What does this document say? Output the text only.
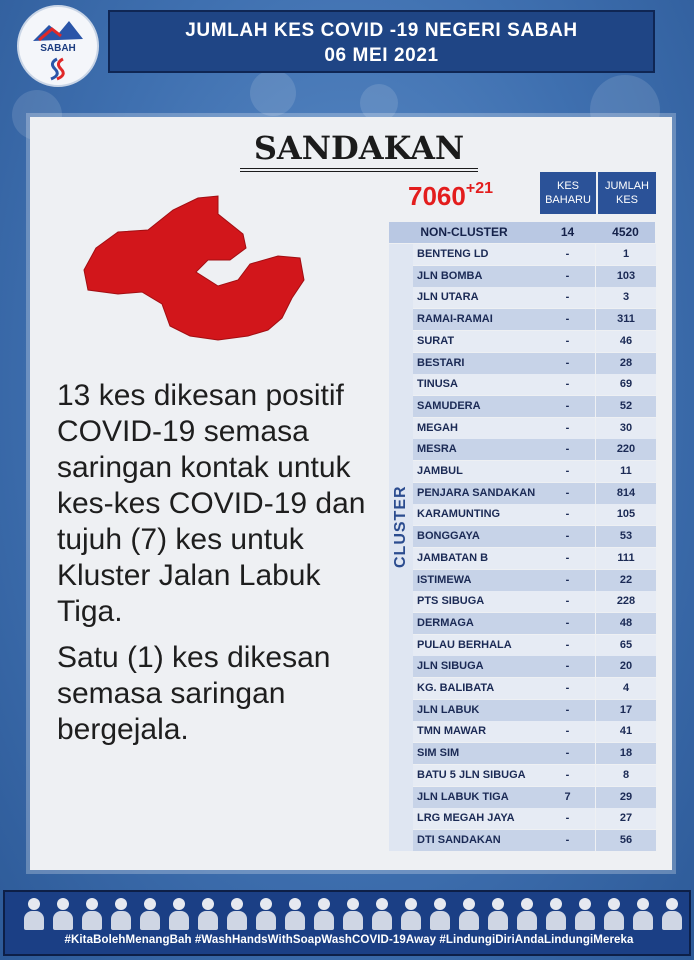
SABAH
JUMLAH KES COVID -19 NEGERI SABAH
06 MEI 2021
SANDAKAN
$7060^{+21}$	KES BAHARU
JUMLAH KES
NON-CLUSTER	14	4520
CLUSTER
BENTENG LD	-	1
JLN BOMBA	-	103
JLN UTARA	-	3
RAMAI-RAMAI	-	311
SURAT	-	46
BESTARI	-	28
TINUSA	-	69
SAMUDERA	-	52
MEGAH	-	30
MESRA	-	220
JAMBUL	-	11
PENJARA SANDAKAN	-	814
KARAMUNTING	-	105
BONGGAYA	-	53
JAMBATAN B	-	111
ISTIMEWA	-	22
PTS SIBUGA	-	228
DERMAGA	-	48
PULAU BERHALA	-	65
JLN SIBUGA	-	20
KG. BALIBATA	-	4
JLN LABUK	-	17
TMN MAWAR	-	41
SIM SIM	-	18
BATU 5 JLN SIBUGA	-	8
JLN LABUK TIGA	7	29
LRG MEGAH JAYA	-	27
DTI SANDAKAN	-	56

13 kes dikesan positif COVID-19 semasa saringan kontak untuk kes-kes COVID-19 dan tujuh (7) kes untuk Kluster Jalan Labuk Tiga.

Satu (1) kes dikesan semasa saringan bergejala.

#KitaBolehMenangBah #WashHandsWithSoapWashCOVID-19Away #LindungiDiriAndaLindungiMereka
